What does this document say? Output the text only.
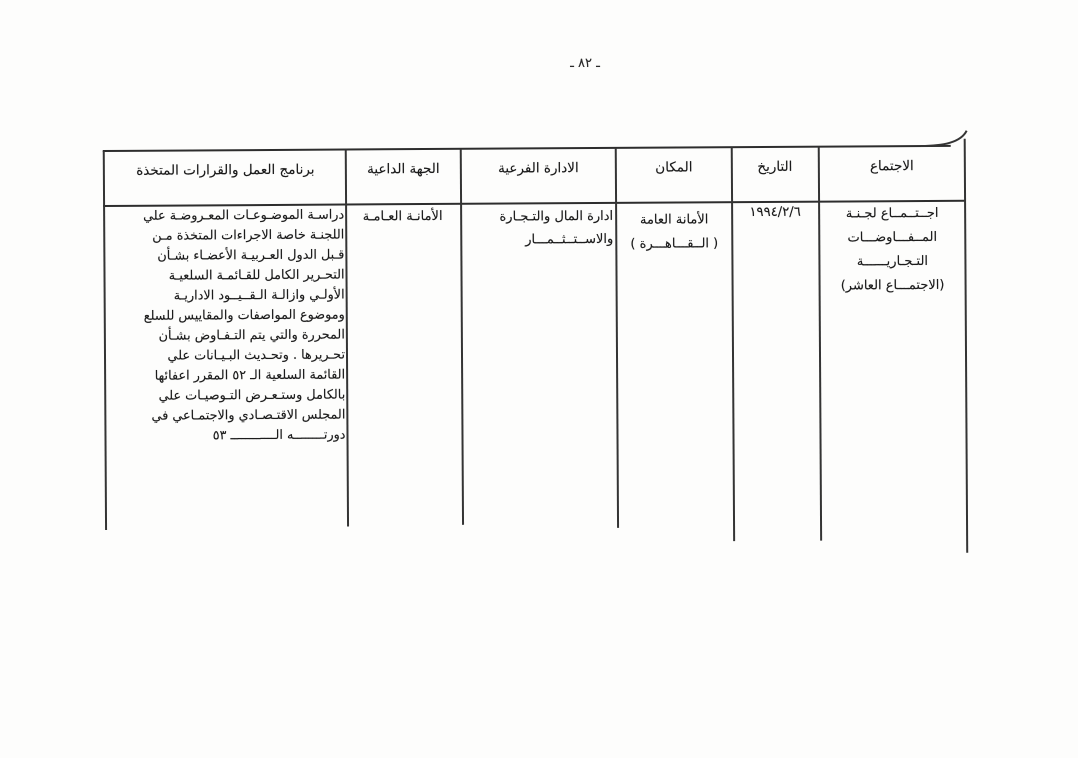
ـ ٨٢ ـ
الاجتماع
التاريخ
المكان
الادارة الفرعية
الجهة الداعية
برنامج العمل والقرارات المتخذة
اجــتــمــاع لجـنـة
المــفـــاوضـــات
التـجـاريــــــة
(الاجتمـــاع العاشر)
١٩٩٤/٢/٦
الأمانة العامة
( الــقـــاهـــرة )
ادارة المال والتـجـارة
والاســتــثــمـــار
الأمانـة العـامـة
دراسـة الموضـوعـات المعـروضـة علي
اللجنـة خاصة الاجراءات المتخذة مـن
قـبل الدول العـربيـة الأعضـاء بشـأن
التحـرير الكامل للقـائمـة السلعيـة
الأولـي وازالـة الـقــيــود الاداريـة
وموضوع المواصفات والمقاييس للسلع
المحررة والتي يتم التـفـاوض بشـأن
تحـريرها . وتحـديث البـيـانات علي
القائمة السلعية الـ ٥٢ المقرر اعفائها
بالكامل وستـعـرض التـوصيـات علي
المجلس الاقتـصـادي والاجتمـاعي في
دورتــــــــه الــــــــــــ ٥٣
